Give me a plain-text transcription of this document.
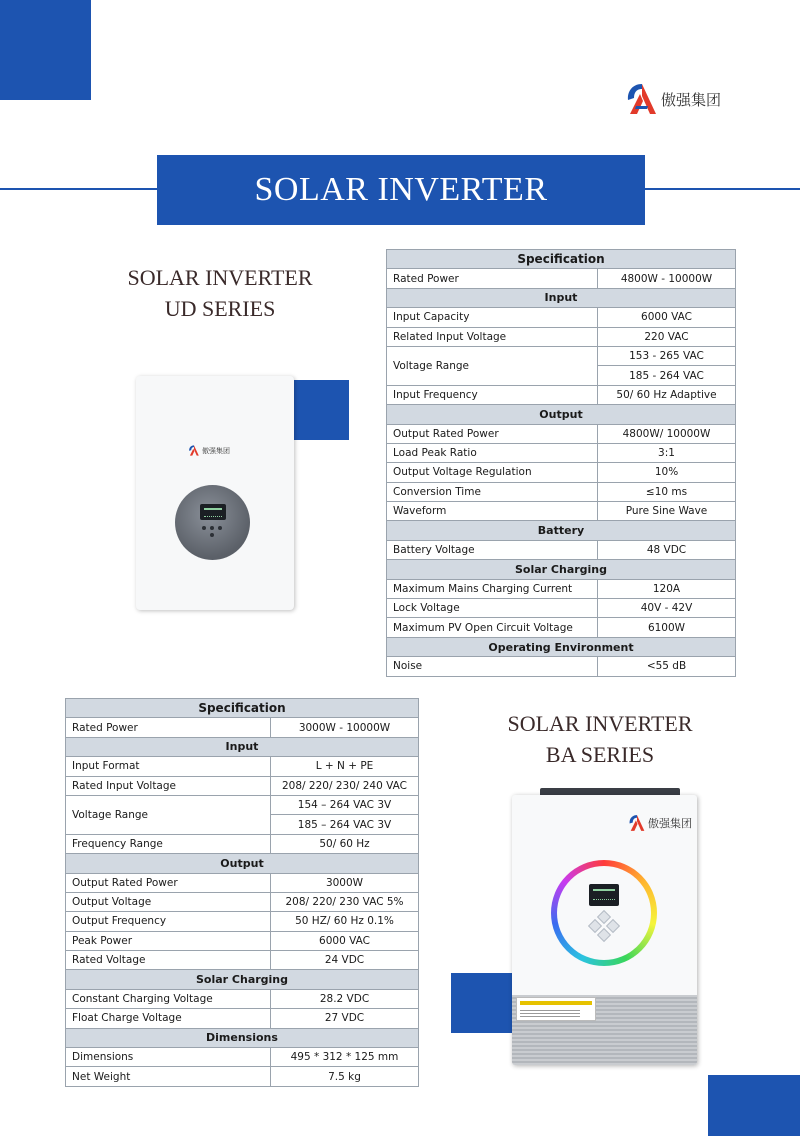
傲强集团
SOLAR INVERTER
SOLAR INVERTER
UD SERIES
傲强集团
Specification	
Rated Power	4800W - 10000W
Input	
Input Capacity	6000 VAC
Related Input Voltage	220 VAC
Voltage Range	153 - 265 VAC
	185 - 264 VAC
Input Frequency	50/ 60 Hz Adaptive
Output	
Output Rated Power	4800W/ 10000W
Load Peak Ratio	3:1
Output Voltage Regulation	10%
Conversion Time	≤10 ms
Waveform	Pure Sine Wave
Battery	
Battery Voltage	48 VDC
Solar Charging	
Maximum Mains Charging Current	120A
Lock Voltage	40V - 42V
Maximum PV Open Circuit Voltage	6100W
Operating Environment	
Noise	<55 dB
Specification	
Rated Power	3000W - 10000W
Input	
Input Format	L + N + PE
Rated Input Voltage	208/ 220/ 230/ 240 VAC
Voltage Range	154 – 264 VAC 3V
	185 – 264 VAC 3V
Frequency Range	50/ 60 Hz
Output	
Output Rated Power	3000W
Output Voltage	208/ 220/ 230 VAC 5%
Output Frequency	50 HZ/ 60 Hz 0.1%
Peak Power	6000 VAC
Rated Voltage	24 VDC
Solar Charging	
Constant Charging Voltage	28.2 VDC
Float Charge Voltage	27 VDC
Dimensions	
Dimensions	495 * 312 * 125 mm
Net Weight	7.5 kg
SOLAR INVERTER
BA SERIES
傲强集团
